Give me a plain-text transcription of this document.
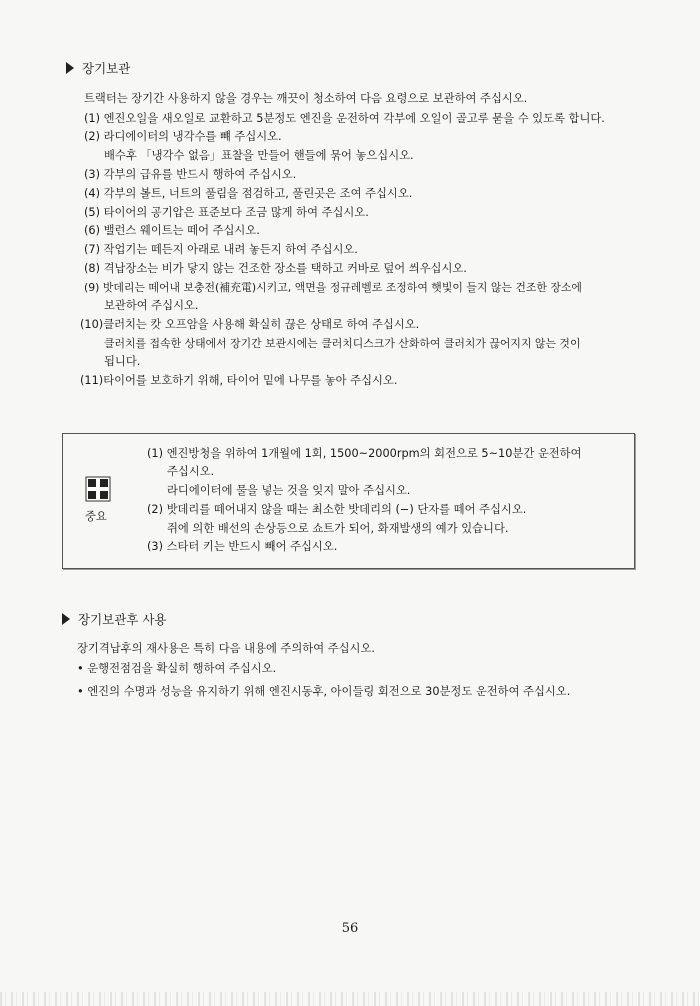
장기보관
트랙터는 장기간 사용하지 않을 경우는 깨끗이 청소하여 다음 요령으로 보관하여 주십시오.
(1) 엔진오일을 새오일로 교환하고 5분정도 엔진을 운전하여 각부에 오일이 골고루 묻을 수 있도록 합니다.
(2) 라디에이터의 냉각수를 뺴 주십시오.
배수후 「냉각수 없음」표찰을 만들어 핸들에 묶어 놓으십시오.
(3) 각부의 급유를 반드시 행하여 주십시오.
(4) 각부의 볼트, 너트의 풀림을 점검하고, 풀린곳은 조여 주십시오.
(5) 타이어의 공기압은 표준보다 조금 많게 하여 주십시오.
(6) 밸런스 웨이트는 떼어 주십시오.
(7) 작업기는 떼든지 아래로 내려 놓든지 하여 주십시오.
(8) 격납장소는 비가 닿지 않는 건조한 장소를 택하고 커바로 덮어 씌우십시오.
(9) 밧데리는 떼어내 보충전(補充電)시키고, 액면을 정규레벨로 조정하여 햇빛이 들지 않는 건조한 장소에
보관하여 주십시오.
(10)클러치는 캇 오프암을 사용해 확실히 끊은 상태로 하여 주십시오.
클러치를 접속한 상태에서 장기간 보관시에는 클러치디스크가 산화하여 클러치가 끊어지지 않는 것이
됩니다.
(11)타이어를 보호하기 위해, 타이어 밑에 나무를 놓아 주십시오.
중요
(1) 엔진방청을 위하여 1개월에 1회, 1500~2000rpm의 회전으로 5~10분간 운전하여
주십시오.
라디에이터에 물을 넣는 것을 잊지 말아 주십시오.
(2) 밧데리를 떼어내지 않을 때는 최소한 밧데리의 (−) 단자를 떼어 주십시오.
쥐에 의한 배선의 손상등으로 쇼트가 되어, 화재발생의 예가 있습니다.
(3) 스타터 키는 반드시 빼어 주십시오.
장기보관후 사용
장기격납후의 재사용은 특히 다음 내용에 주의하여 주십시오.
• 운행전점검을 확실히 행하여 주십시오.
• 엔진의 수명과 성능을 유지하기 위해 엔진시동후, 아이들링 회전으로 30분정도 운전하여 주십시오.
56
